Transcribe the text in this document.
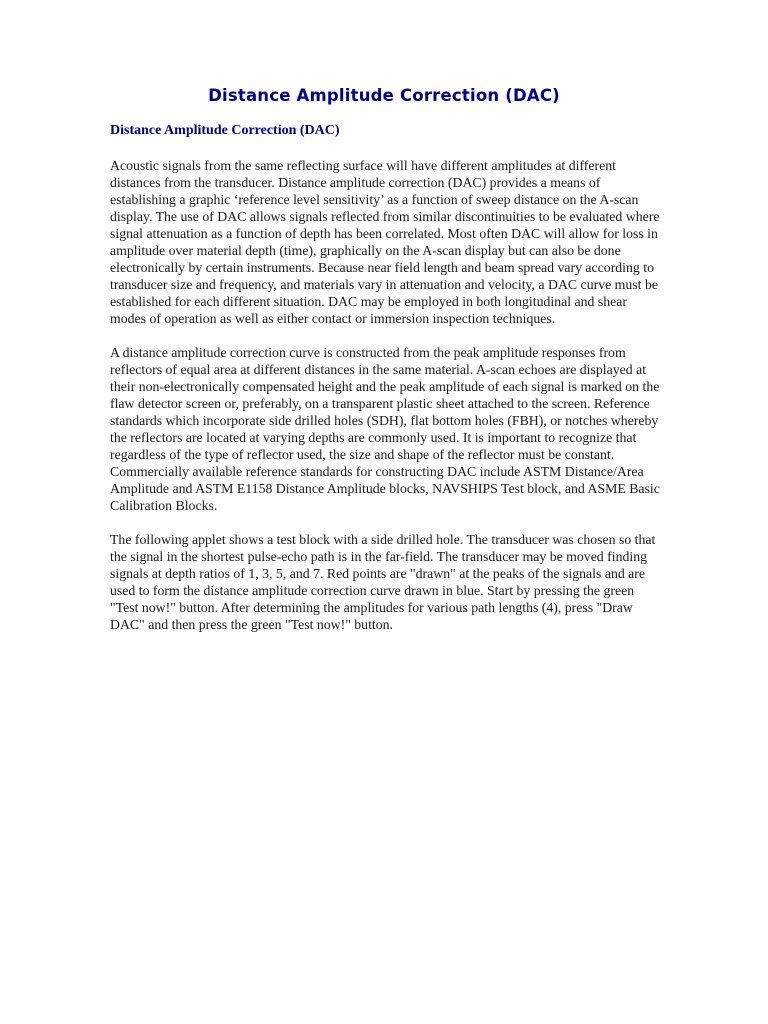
Distance Amplitude Correction (DAC)
Distance Amplitude Correction (DAC)

Acoustic signals from the same reflecting surface will have different amplitudes at different distances from the transducer. Distance amplitude correction (DAC) provides a means of establishing a graphic ‘reference level sensitivity’ as a function of sweep distance on the A-scan display. The use of DAC allows signals reflected from similar discontinuities to be evaluated where signal attenuation as a function of depth has been correlated. Most often DAC will allow for loss in amplitude over material depth (time), graphically on the A-scan display but can also be done electronically by certain instruments. Because near field length and beam spread vary according to transducer size and frequency, and materials vary in attenuation and velocity, a DAC curve must be established for each different situation. DAC may be employed in both longitudinal and shear modes of operation as well as either contact or immersion inspection techniques.

A distance amplitude correction curve is constructed from the peak amplitude responses from reflectors of equal area at different distances in the same material. A-scan echoes are displayed at their non-electronically compensated height and the peak amplitude of each signal is marked on the flaw detector screen or, preferably, on a transparent plastic sheet attached to the screen. Reference standards which incorporate side drilled holes (SDH), flat bottom holes (FBH), or notches whereby the reflectors are located at varying depths are commonly used. It is important to recognize that regardless of the type of reflector used, the size and shape of the reflector must be constant. Commercially available reference standards for constructing DAC include ASTM Distance/Area Amplitude and ASTM E1158 Distance Amplitude blocks, NAVSHIPS Test block, and ASME Basic Calibration Blocks.

The following applet shows a test block with a side drilled hole. The transducer was chosen so that the signal in the shortest pulse-echo path is in the far-field. The transducer may be moved finding signals at depth ratios of 1, 3, 5, and 7. Red points are "drawn" at the peaks of the signals and are used to form the distance amplitude correction curve drawn in blue. Start by pressing the green "Test now!" button. After determining the amplitudes for various path lengths (4), press "Draw DAC" and then press the green "Test now!" button.
